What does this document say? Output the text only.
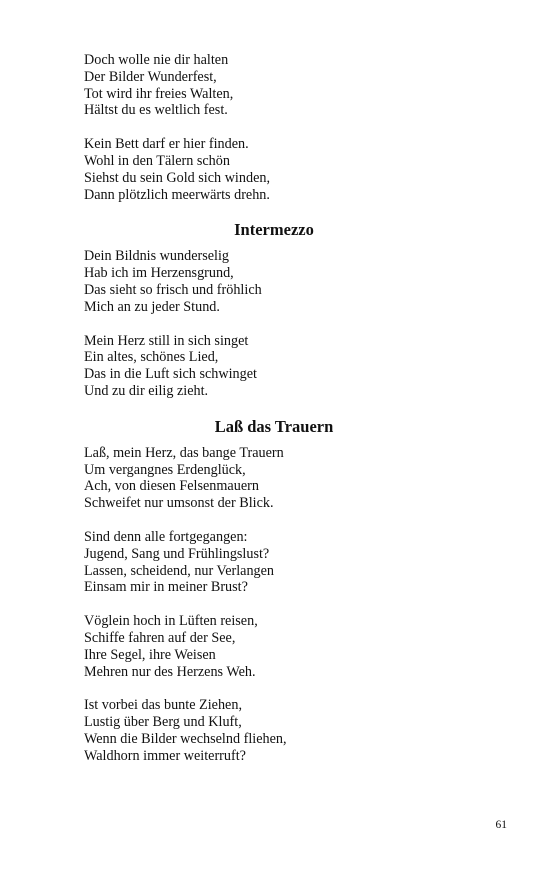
Doch wolle nie dir halten
Der Bilder Wunderfest,
Tot wird ihr freies Walten,
Hältst du es weltlich fest.
Kein Bett darf er hier finden.
Wohl in den Tälern schön
Siehst du sein Gold sich winden,
Dann plötzlich meerwärts drehn.
Intermezzo
Dein Bildnis wunderselig
Hab ich im Herzensgrund,
Das sieht so frisch und fröhlich
Mich an zu jeder Stund.
Mein Herz still in sich singet
Ein altes, schönes Lied,
Das in die Luft sich schwinget
Und zu dir eilig zieht.
Laß das Trauern
Laß, mein Herz, das bange Trauern
Um vergangnes Erdenglück,
Ach, von diesen Felsenmauern
Schweifet nur umsonst der Blick.
Sind denn alle fortgegangen:
Jugend, Sang und Frühlingslust?
Lassen, scheidend, nur Verlangen
Einsam mir in meiner Brust?
Vöglein hoch in Lüften reisen,
Schiffe fahren auf der See,
Ihre Segel, ihre Weisen
Mehren nur des Herzens Weh.
Ist vorbei das bunte Ziehen,
Lustig über Berg und Kluft,
Wenn die Bilder wechselnd fliehen,
Waldhorn immer weiterruft?
61
